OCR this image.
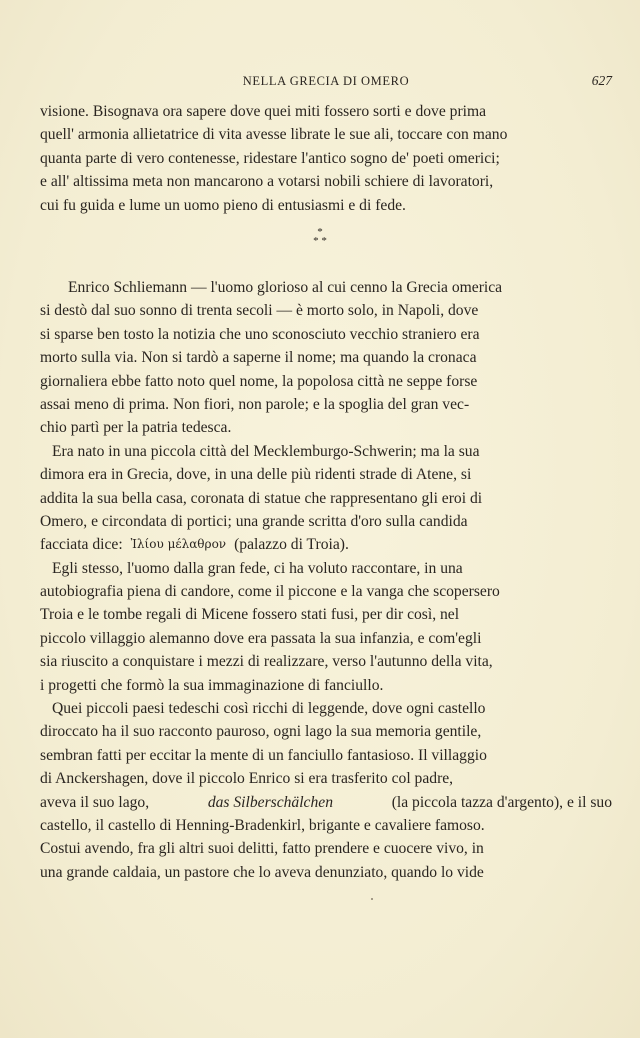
NELLA GRECIA DI OMERO	627
visione. Bisognava ora sapere dove quei miti fossero sorti e dove prima
quell' armonia allietatrice di vita avesse librate le sue ali, toccare con mano
quanta parte di vero contenesse, ridestare l'antico sogno de' poeti omerici;
e all' altissima meta non mancarono a votarsi nobili schiere di lavoratori,
cui fu guida e lume un uomo pieno di entusiasmi e di fede.
*
* *
Enrico Schliemann — l'uomo glorioso al cui cenno la Grecia omerica
si destò dal suo sonno di trenta secoli — è morto solo, in Napoli, dove
si sparse ben tosto la notizia che uno sconosciuto vecchio straniero era
morto sulla via. Non si tardò a saperne il nome; ma quando la cronaca
giornaliera ebbe fatto noto quel nome, la popolosa città ne seppe forse
assai meno di prima. Non fiori, non parole; e la spoglia del gran vec-
chio partì per la patria tedesca.
Era nato in una piccola città del Mecklemburgo-Schwerin; ma la sua
dimora era in Grecia, dove, in una delle più ridenti strade di Atene, si
addita la sua bella casa, coronata di statue che rappresentano gli eroi di
Omero, e circondata di portici; una grande scritta d'oro sulla candida
facciata dice: Ἰλίου μέλαθρον (palazzo di Troia).
Egli stesso, l'uomo dalla gran fede, ci ha voluto raccontare, in una
autobiografia piena di candore, come il piccone e la vanga che scopersero
Troia e le tombe regali di Micene fossero stati fusi, per dir così, nel
piccolo villaggio alemanno dove era passata la sua infanzia, e com'egli
sia riuscito a conquistare i mezzi di realizzare, verso l'autunno della vita,
i progetti che formò la sua immaginazione di fanciullo.
Quei piccoli paesi tedeschi così ricchi di leggende, dove ogni castello
diroccato ha il suo racconto pauroso, ogni lago la sua memoria gentile,
sembran fatti per eccitar la mente di un fanciullo fantasioso. Il villaggio
di Anckershagen, dove il piccolo Enrico si era trasferito col padre,
aveva il suo lago,	das Silberschälchen	(la piccola tazza d'argento), e il suo
castello, il castello di Henning-Bradenkirl, brigante e cavaliere famoso.
Costui avendo, fra gli altri suoi delitti, fatto prendere e cuocere vivo, in
una grande caldaia, un pastore che lo aveva denunziato, quando lo vide
